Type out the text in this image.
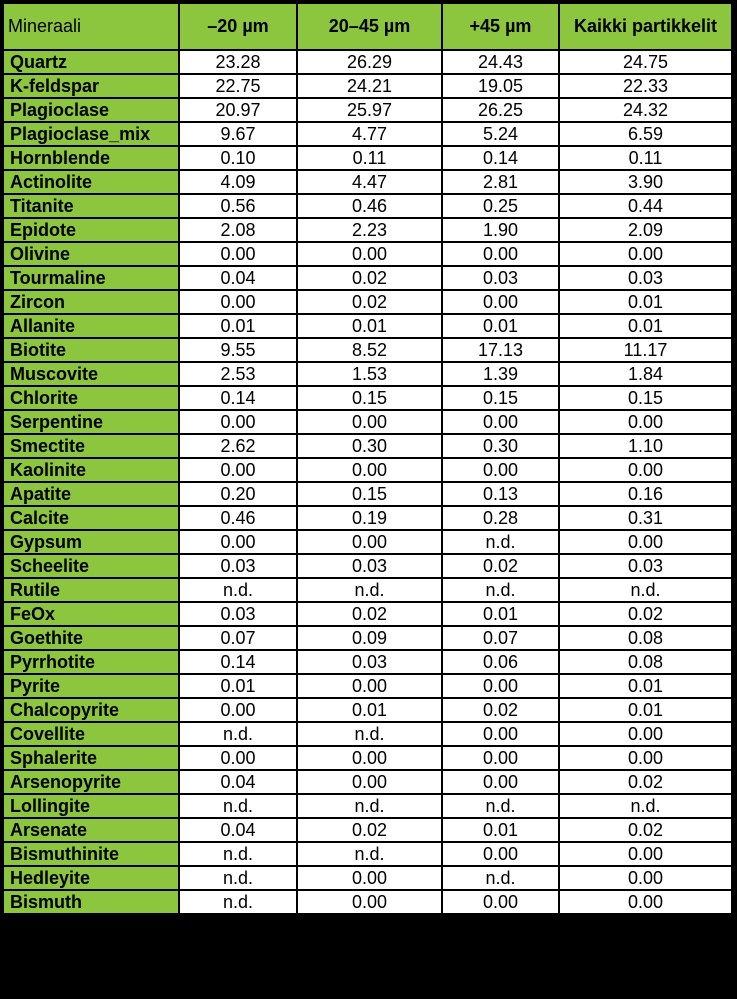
Mineraali	–20 µm	20–45 µm	+45 µm	Kaikki partikkelit
Quartz	23.28	26.29	24.43	24.75
K-feldspar	22.75	24.21	19.05	22.33
Plagioclase	20.97	25.97	26.25	24.32
Plagioclase_mix	9.67	4.77	5.24	6.59
Hornblende	0.10	0.11	0.14	0.11
Actinolite	4.09	4.47	2.81	3.90
Titanite	0.56	0.46	0.25	0.44
Epidote	2.08	2.23	1.90	2.09
Olivine	0.00	0.00	0.00	0.00
Tourmaline	0.04	0.02	0.03	0.03
Zircon	0.00	0.02	0.00	0.01
Allanite	0.01	0.01	0.01	0.01
Biotite	9.55	8.52	17.13	11.17
Muscovite	2.53	1.53	1.39	1.84
Chlorite	0.14	0.15	0.15	0.15
Serpentine	0.00	0.00	0.00	0.00
Smectite	2.62	0.30	0.30	1.10
Kaolinite	0.00	0.00	0.00	0.00
Apatite	0.20	0.15	0.13	0.16
Calcite	0.46	0.19	0.28	0.31
Gypsum	0.00	0.00	n.d.	0.00
Scheelite	0.03	0.03	0.02	0.03
Rutile	n.d.	n.d.	n.d.	n.d.
FeOx	0.03	0.02	0.01	0.02
Goethite	0.07	0.09	0.07	0.08
Pyrrhotite	0.14	0.03	0.06	0.08
Pyrite	0.01	0.00	0.00	0.01
Chalcopyrite	0.00	0.01	0.02	0.01
Covellite	n.d.	n.d.	0.00	0.00
Sphalerite	0.00	0.00	0.00	0.00
Arsenopyrite	0.04	0.00	0.00	0.02
Lollingite	n.d.	n.d.	n.d.	n.d.
Arsenate	0.04	0.02	0.01	0.02
Bismuthinite	n.d.	n.d.	0.00	0.00
Hedleyite	n.d.	0.00	n.d.	0.00
Bismuth	n.d.	0.00	0.00	0.00
